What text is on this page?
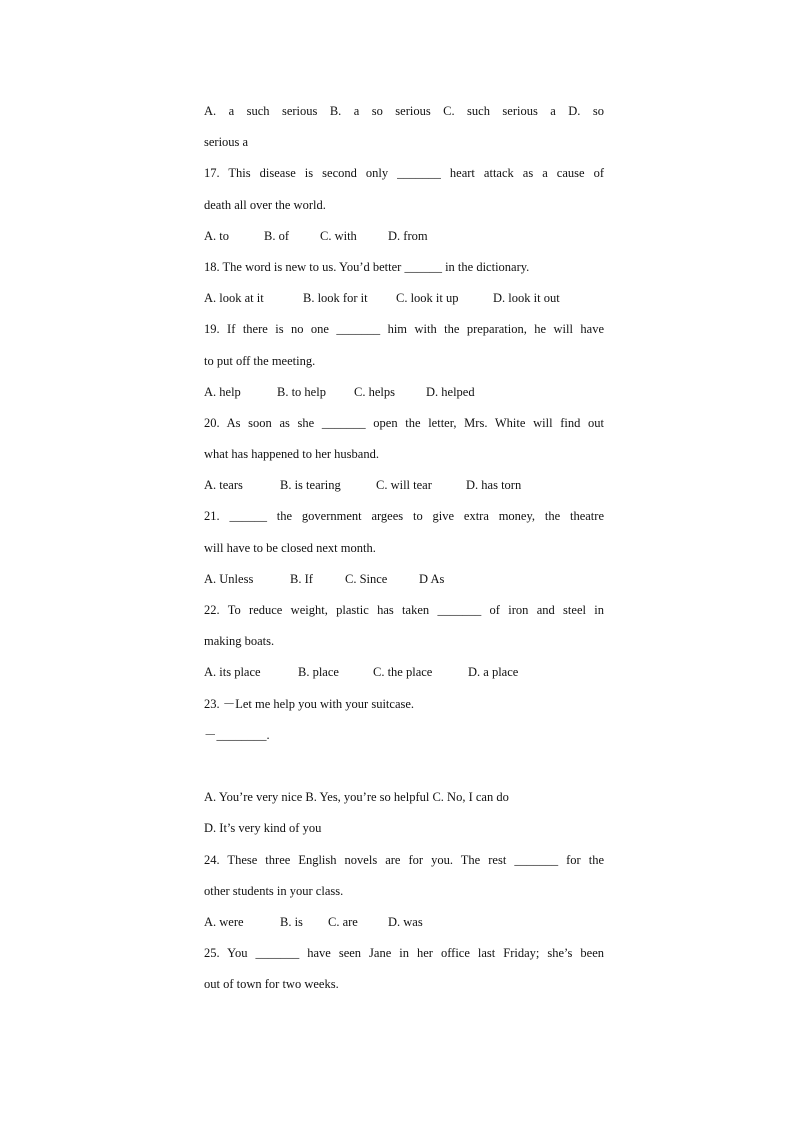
A. a such serious B. a so serious C. such serious a D. so
serious a
17. This disease is second only _______ heart attack as a cause of
death all over the world.
A. to	B. of	C. with	D. from
18. The word is new to us. You’d better ______ in the dictionary.
A. look at it	B. look for it	C. look it up	D. look it out
19. If there is no one _______ him with the preparation, he will have
to put off the meeting.
A. help	B. to help	C. helps	D. helped
20. As soon as she _______ open the letter, Mrs. White will find out
what has happened to her husband.
A. tears	B. is tearing	C. will tear	D. has torn
21. ______ the government argees to give extra money, the theatre
will have to be closed next month.
A. Unless	B. If	C. Since	D As
22. To reduce weight, plastic has taken _______ of iron and steel in
making boats.
A. its place	B. place	C. the place	D. a place
23. －Let me help you with your suitcase.
－________.
A. You’re very nice B. Yes, you’re so helpful C. No, I can do
D. It’s very kind of you
24. These three English novels are for you. The rest _______ for the
other students in your class.
A. were	B. is	C. are	D. was
25. You _______ have seen Jane in her office last Friday; she’s been
out of town for two weeks.
